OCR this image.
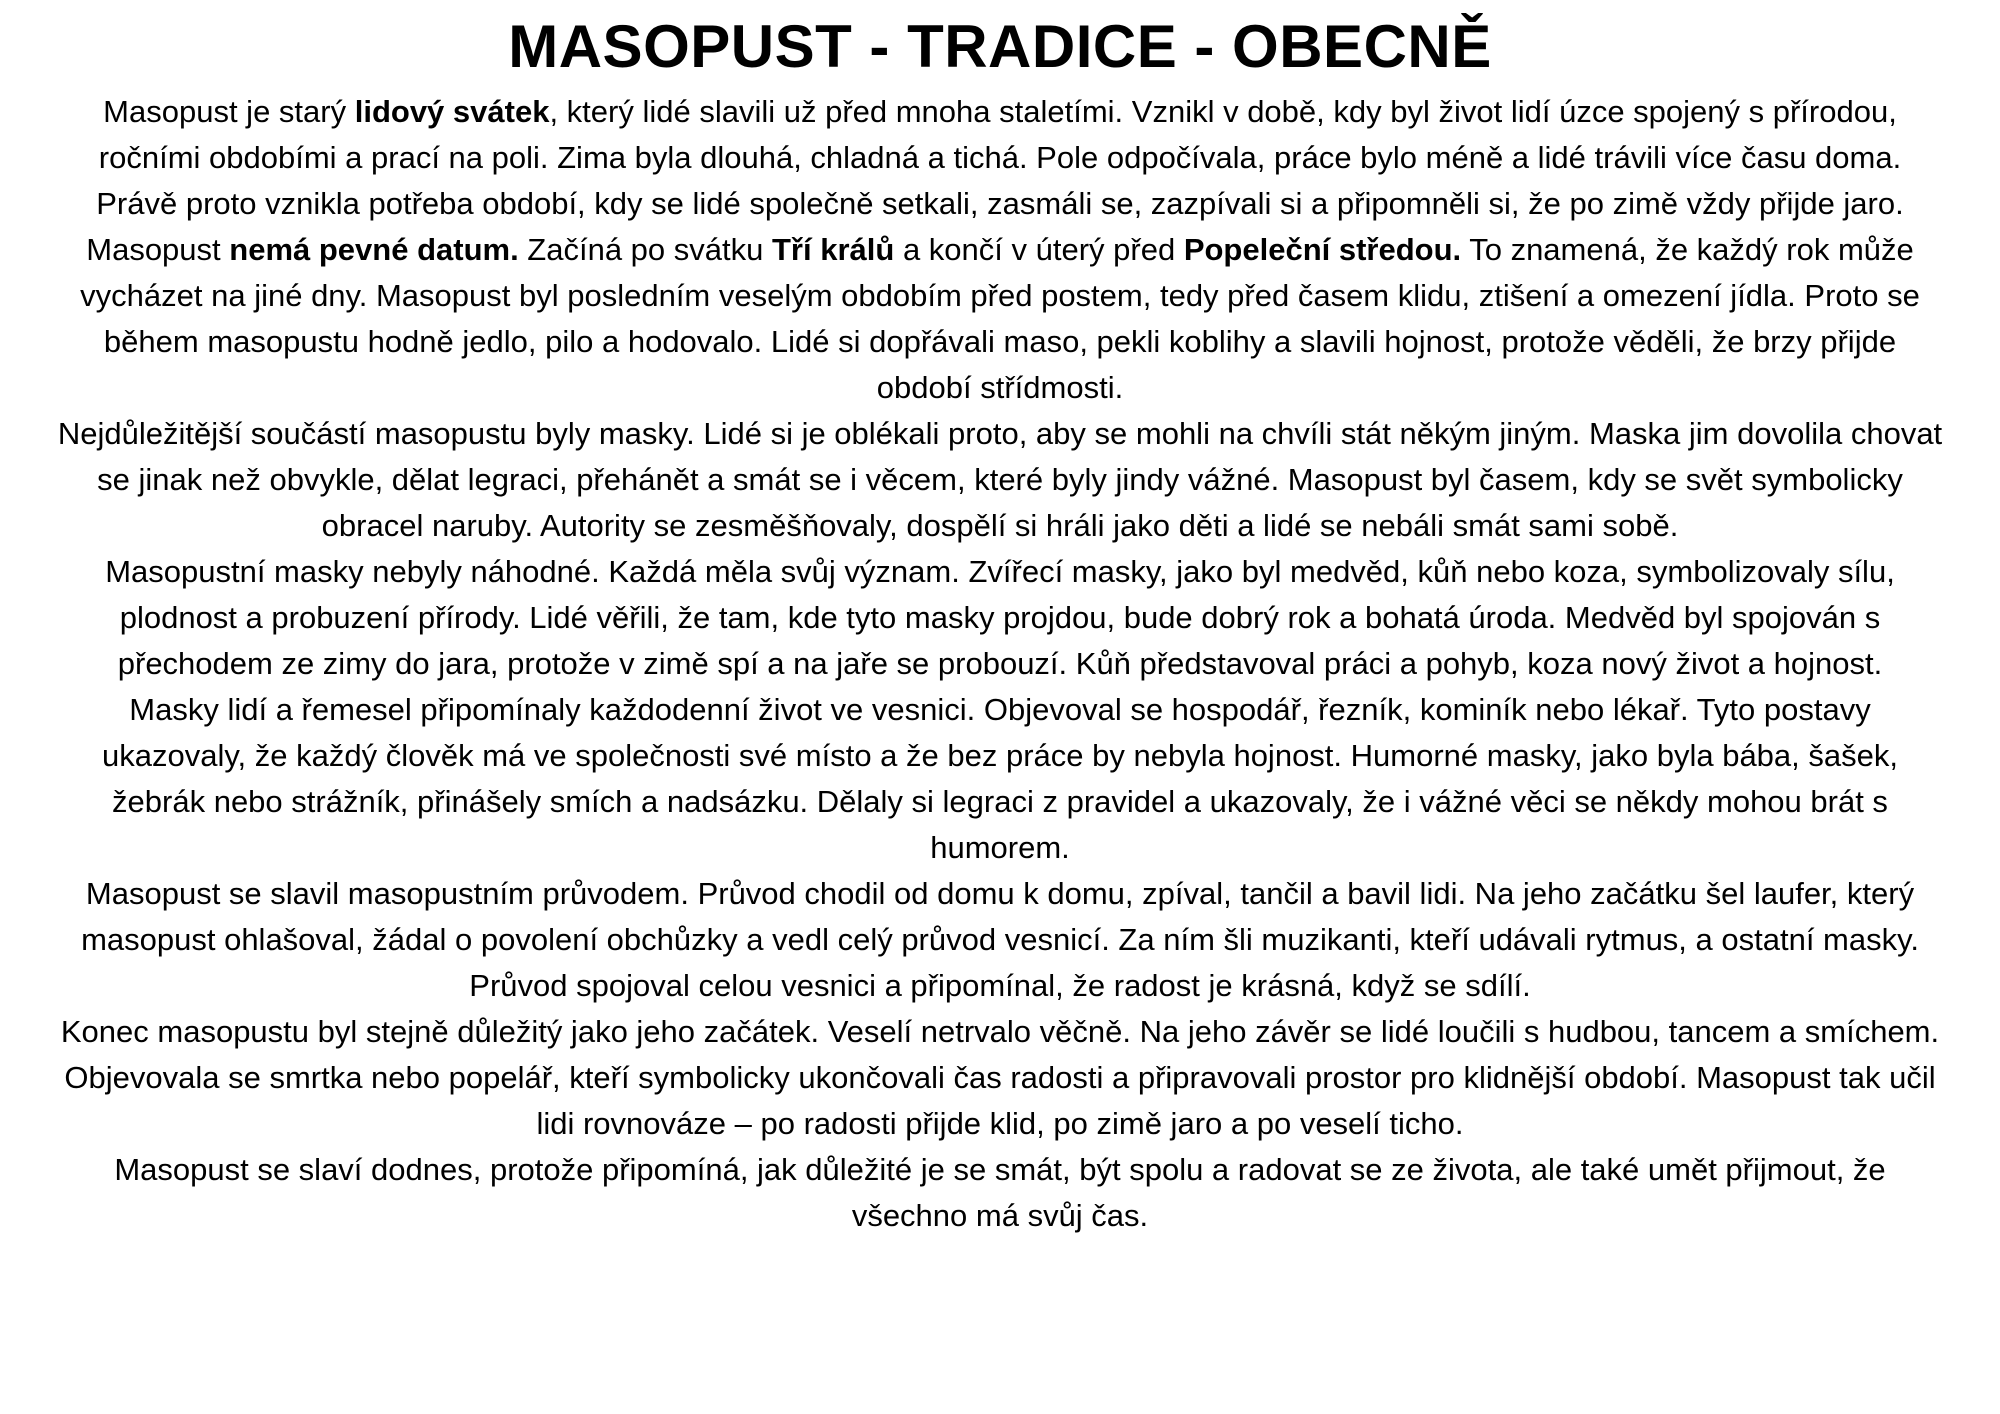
MASOPUST - TRADICE - OBECNĚ

Masopust je starý lidový svátek, který lidé slavili už před mnoha staletími. Vznikl v době, kdy byl život lidí úzce spojený s přírodou, ročními obdobími a prací na poli. Zima byla dlouhá, chladná a tichá. Pole odpočívala, práce bylo méně a lidé trávili více času doma. Právě proto vznikla potřeba období, kdy se lidé společně setkali, zasmáli se, zazpívali si a připomněli si, že po zimě vždy přijde jaro.

Masopust nemá pevné datum. Začíná po svátku Tří králů a končí v úterý před Popeleční středou. To znamená, že každý rok může vycházet na jiné dny. Masopust byl posledním veselým obdobím před postem, tedy před časem klidu, ztišení a omezení jídla. Proto se během masopustu hodně jedlo, pilo a hodovalo. Lidé si dopřávali maso, pekli koblihy a slavili hojnost, protože věděli, že brzy přijde období střídmosti.

Nejdůležitější součástí masopustu byly masky. Lidé si je oblékali proto, aby se mohli na chvíli stát někým jiným. Maska jim dovolila chovat se jinak než obvykle, dělat legraci, přehánět a smát se i věcem, které byly jindy vážné. Masopust byl časem, kdy se svět symbolicky obracel naruby. Autority se zesměšňovaly, dospělí si hráli jako děti a lidé se nebáli smát sami sobě.

Masopustní masky nebyly náhodné. Každá měla svůj význam. Zvířecí masky, jako byl medvěd, kůň nebo koza, symbolizovaly sílu, plodnost a probuzení přírody. Lidé věřili, že tam, kde tyto masky projdou, bude dobrý rok a bohatá úroda. Medvěd byl spojován s přechodem ze zimy do jara, protože v zimě spí a na jaře se probouzí. Kůň představoval práci a pohyb, koza nový život a hojnost.

Masky lidí a řemesel připomínaly každodenní život ve vesnici. Objevoval se hospodář, řezník, kominík nebo lékař. Tyto postavy ukazovaly, že každý člověk má ve společnosti své místo a že bez práce by nebyla hojnost. Humorné masky, jako byla bába, šašek, žebrák nebo strážník, přinášely smích a nadsázku. Dělaly si legraci z pravidel a ukazovaly, že i vážné věci se někdy mohou brát s humorem.

Masopust se slavil masopustním průvodem. Průvod chodil od domu k domu, zpíval, tančil a bavil lidi. Na jeho začátku šel laufer, který masopust ohlašoval, žádal o povolení obchůzky a vedl celý průvod vesnicí. Za ním šli muzikanti, kteří udávali rytmus, a ostatní masky. Průvod spojoval celou vesnici a připomínal, že radost je krásná, když se sdílí.

Konec masopustu byl stejně důležitý jako jeho začátek. Veselí netrvalo věčně. Na jeho závěr se lidé loučili s hudbou, tancem a smíchem. Objevovala se smrtka nebo popelář, kteří symbolicky ukončovali čas radosti a připravovali prostor pro klidnější období. Masopust tak učil lidi rovnováze – po radosti přijde klid, po zimě jaro a po veselí ticho.

Masopust se slaví dodnes, protože připomíná, jak důležité je se smát, být spolu a radovat se ze života, ale také umět přijmout, že všechno má svůj čas.
